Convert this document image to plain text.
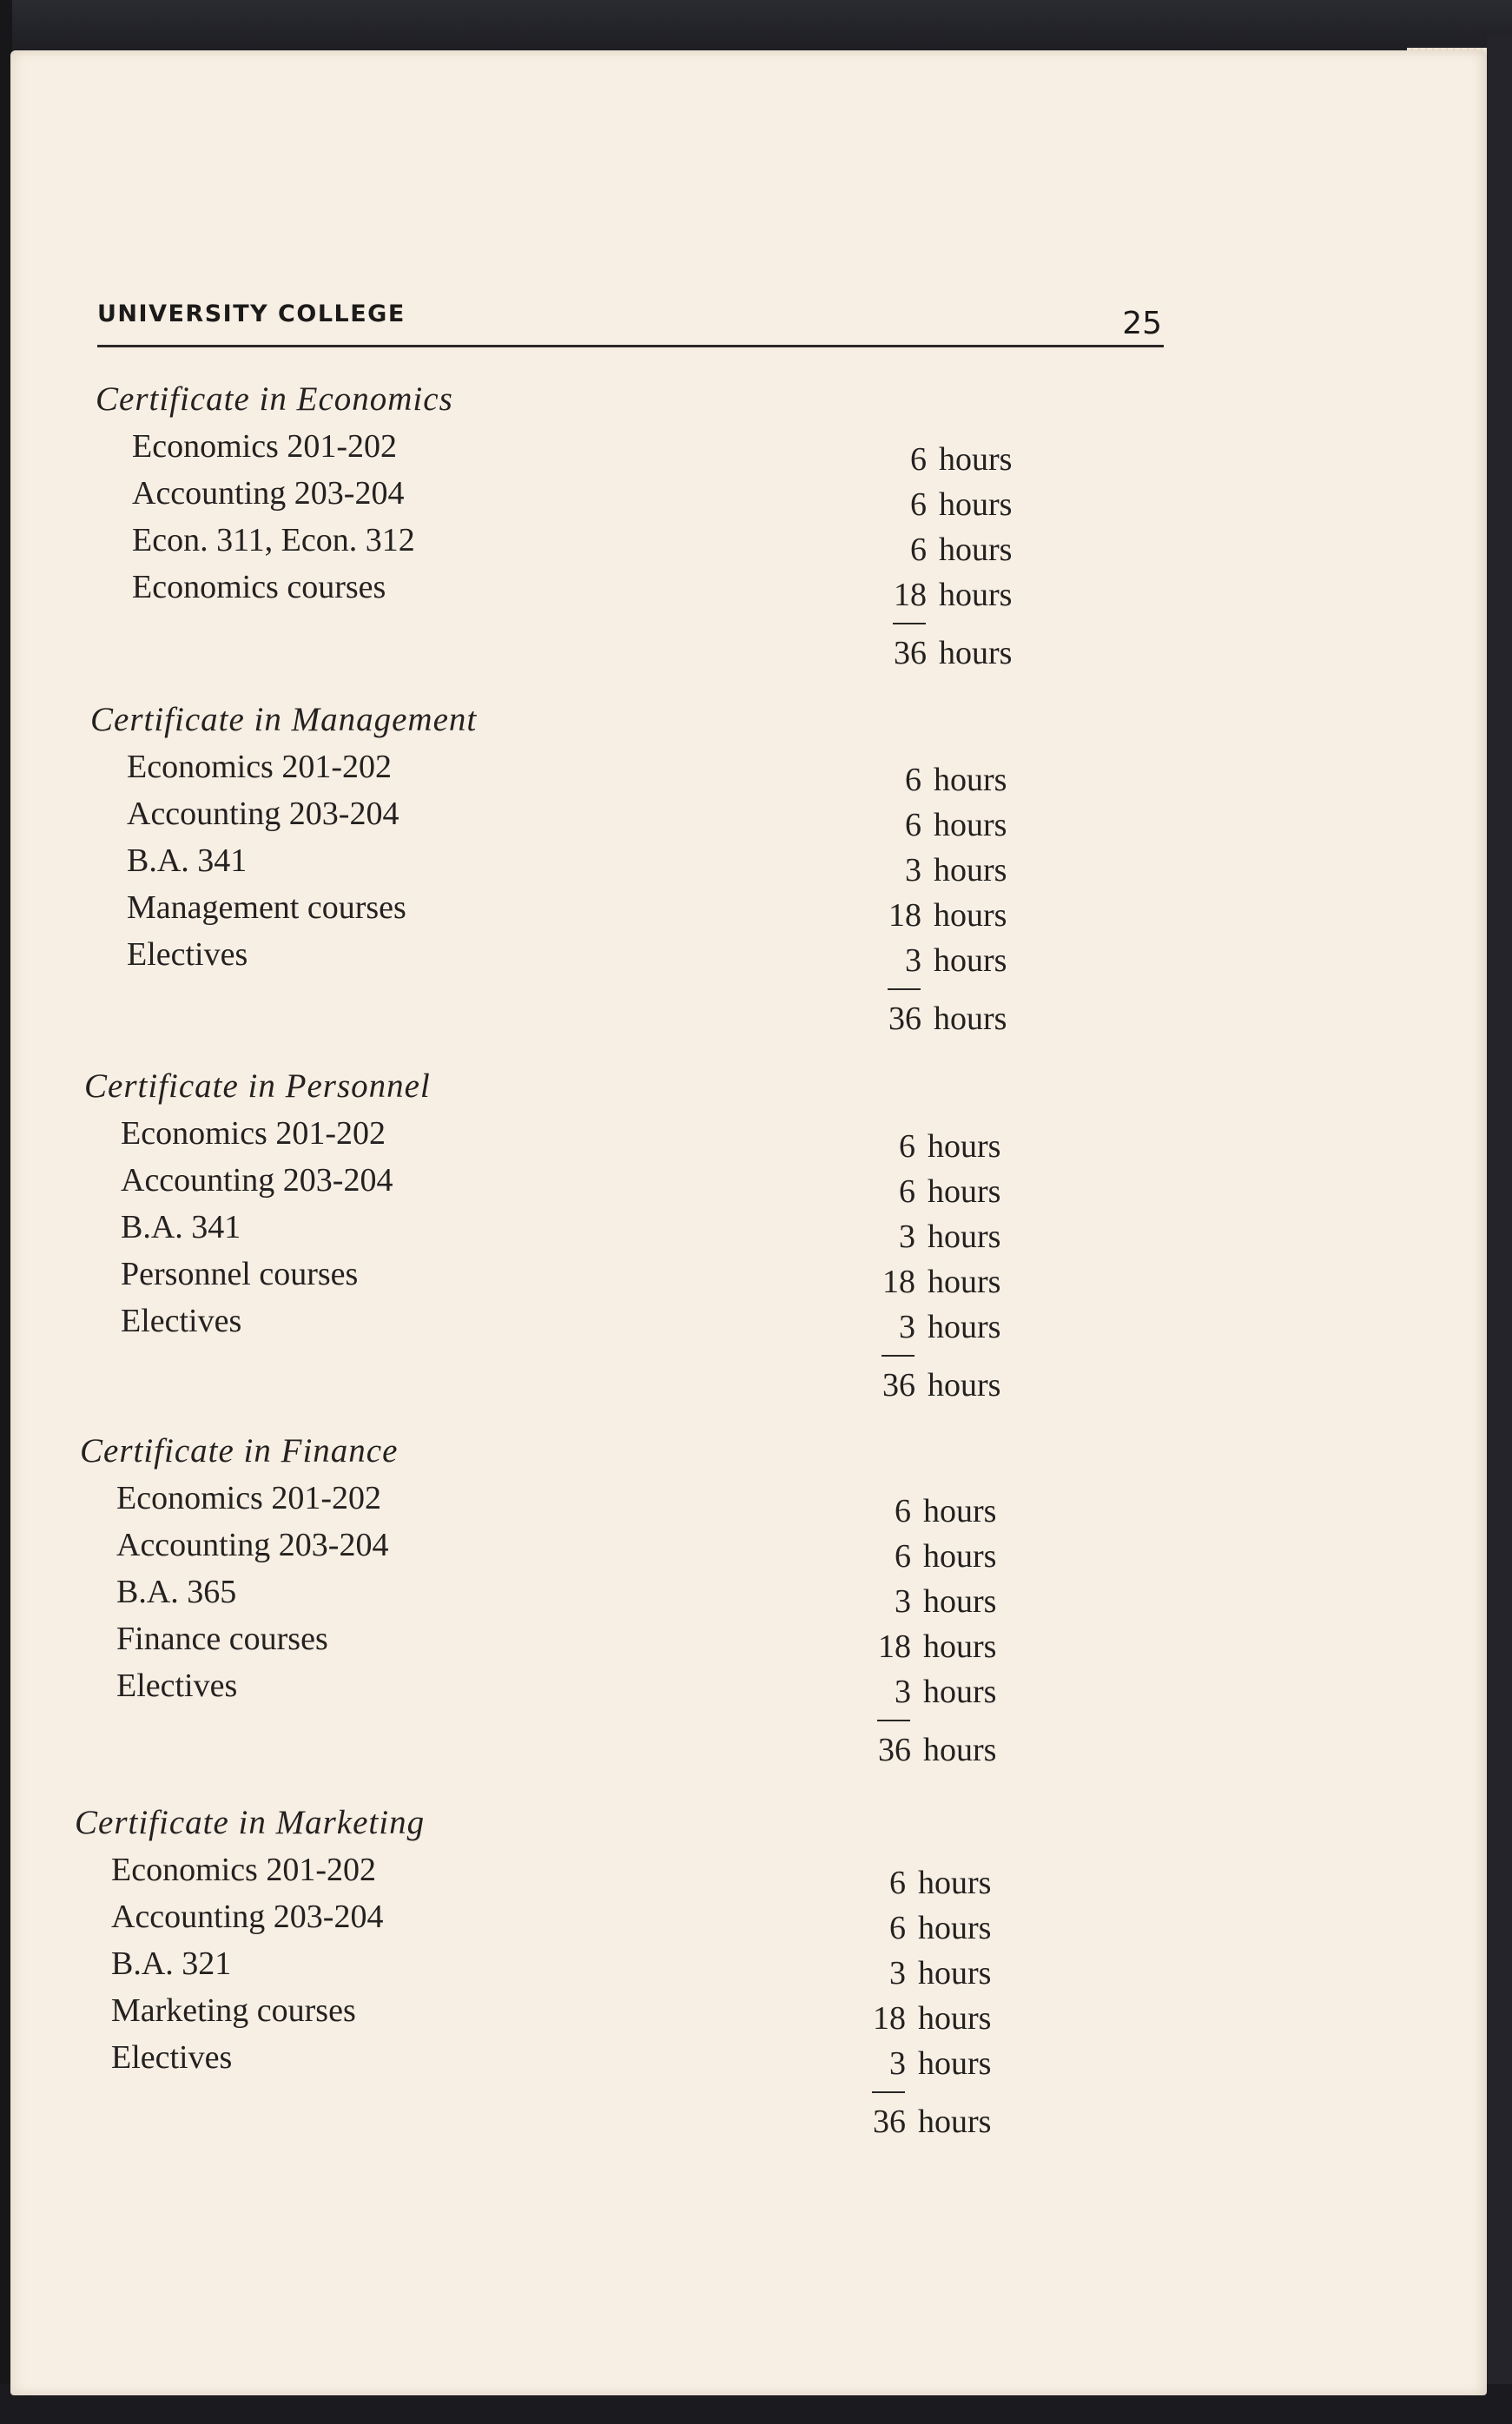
UNIVERSITY COLLEGE	25
Certificate in Economics
Economics 201-202	6 hours
Accounting 203-204	6 hours
Econ. 311, Econ. 312	6 hours
Economics courses	18 hours
36 hours
Certificate in Management
Economics 201-202	6 hours
Accounting 203-204	6 hours
B.A. 341	3 hours
Management courses	18 hours
Electives	3 hours
36 hours
Certificate in Personnel
Economics 201-202	6 hours
Accounting 203-204	6 hours
B.A. 341	3 hours
Personnel courses	18 hours
Electives	3 hours
36 hours
Certificate in Finance
Economics 201-202	6 hours
Accounting 203-204	6 hours
B.A. 365	3 hours
Finance courses	18 hours
Electives	3 hours
36 hours
Certificate in Marketing
Economics 201-202	6 hours
Accounting 203-204	6 hours
B.A. 321	3 hours
Marketing courses	18 hours
Electives	3 hours
36 hours
